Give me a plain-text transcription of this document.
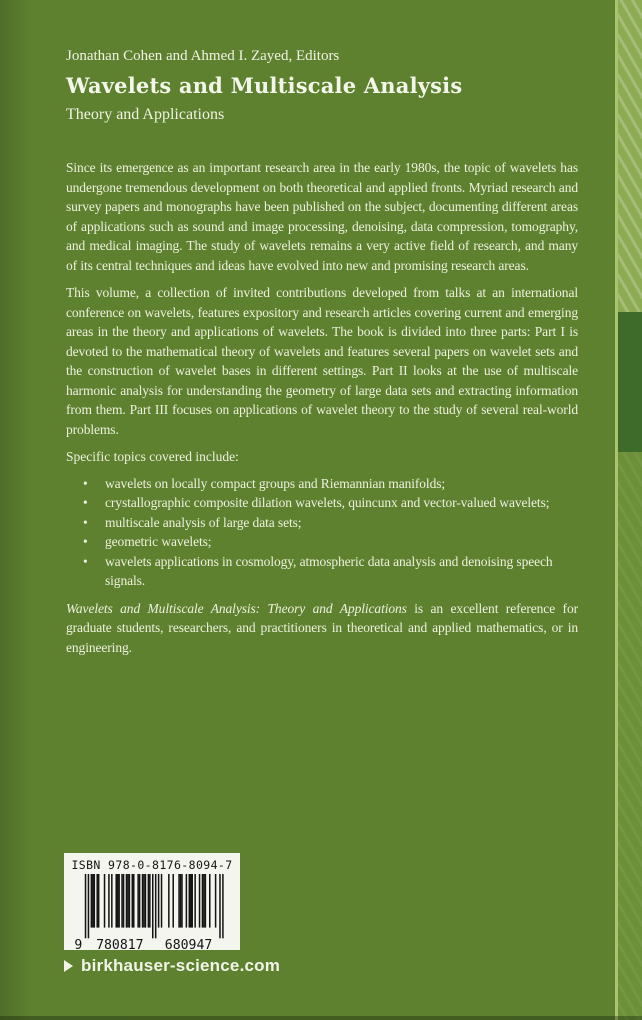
Jonathan Cohen and Ahmed I. Zayed, Editors
Wavelets and Multiscale Analysis
Theory and Applications

Since its emergence as an important research area in the early 1980s, the topic of wavelets has undergone tremendous development on both theoretical and applied fronts. Myriad research and survey papers and monographs have been published on the subject, documenting different areas of applications such as sound and image processing, denoising, data compression, tomography, and medical imaging. The study of wavelets remains a very active field of research, and many of its central techniques and ideas have evolved into new and promising research areas.

This volume, a collection of invited contributions developed from talks at an international conference on wavelets, features expository and research articles covering current and emerging areas in the theory and applications of wavelets. The book is divided into three parts: Part I is devoted to the mathematical theory of wavelets and features several papers on wavelet sets and the construction of wavelet bases in different settings. Part II looks at the use of multiscale harmonic analysis for understanding the geometry of large data sets and extracting information from them. Part III focuses on applications of wavelet theory to the study of several real-world problems.

Specific topics covered include:
• wavelets on locally compact groups and Riemannian manifolds;
• crystallographic composite dilation wavelets, quincunx and vector-valued wavelets;
• multiscale analysis of large data sets;
• geometric wavelets;
• wavelets applications in cosmology, atmospheric data analysis and denoising speech signals.

Wavelets and Multiscale Analysis: Theory and Applications is an excellent reference for graduate students, researchers, and practitioners in theoretical and applied mathematics, or in engineering.

ISBN 978-0-8176-8094-7
9 780817 680947
birkhauser-science.com
